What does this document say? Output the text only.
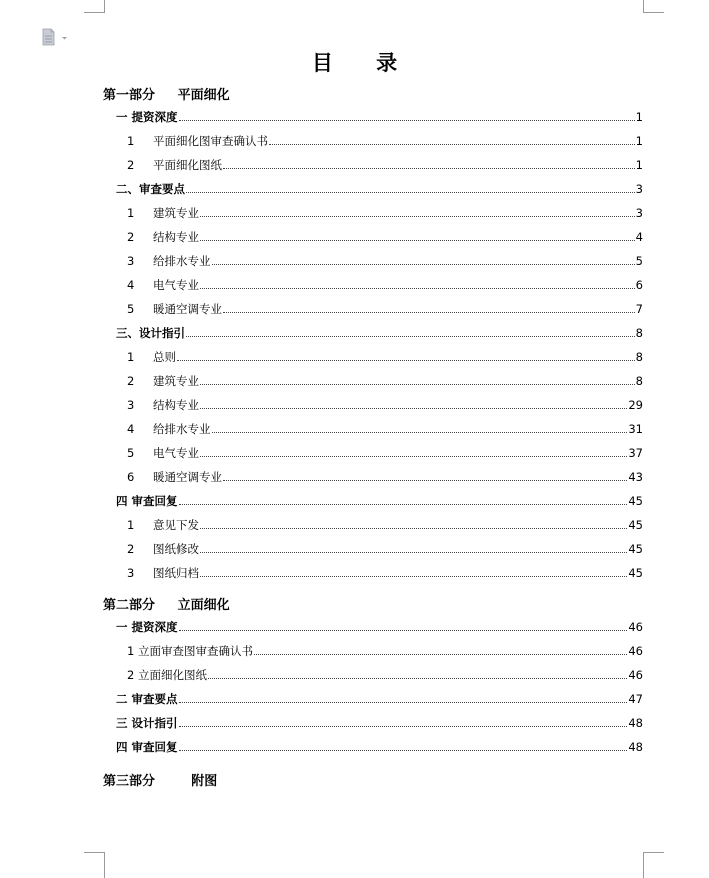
目 录
第一部分     平面细化
一 提资深度	1
1	平面细化图审查确认书	1
2	平面细化图纸	1
二、审查要点	3
1	建筑专业	3
2	结构专业	4
3	给排水专业	5
4	电气专业	6
5	暖通空调专业	7
三、设计指引	8
1	总则	8
2	建筑专业	8
3	结构专业	29
4	给排水专业	31
5	电气专业	37
6	暖通空调专业	43
四 审查回复	45
1	意见下发	45
2	图纸修改	45
3	图纸归档	45
第二部分     立面细化
一 提资深度	46
1 立面审查图审查确认书	46
2 立面细化图纸	46
二 审查要点	47
三 设计指引	48
四 审查回复	48
第三部分        附图
